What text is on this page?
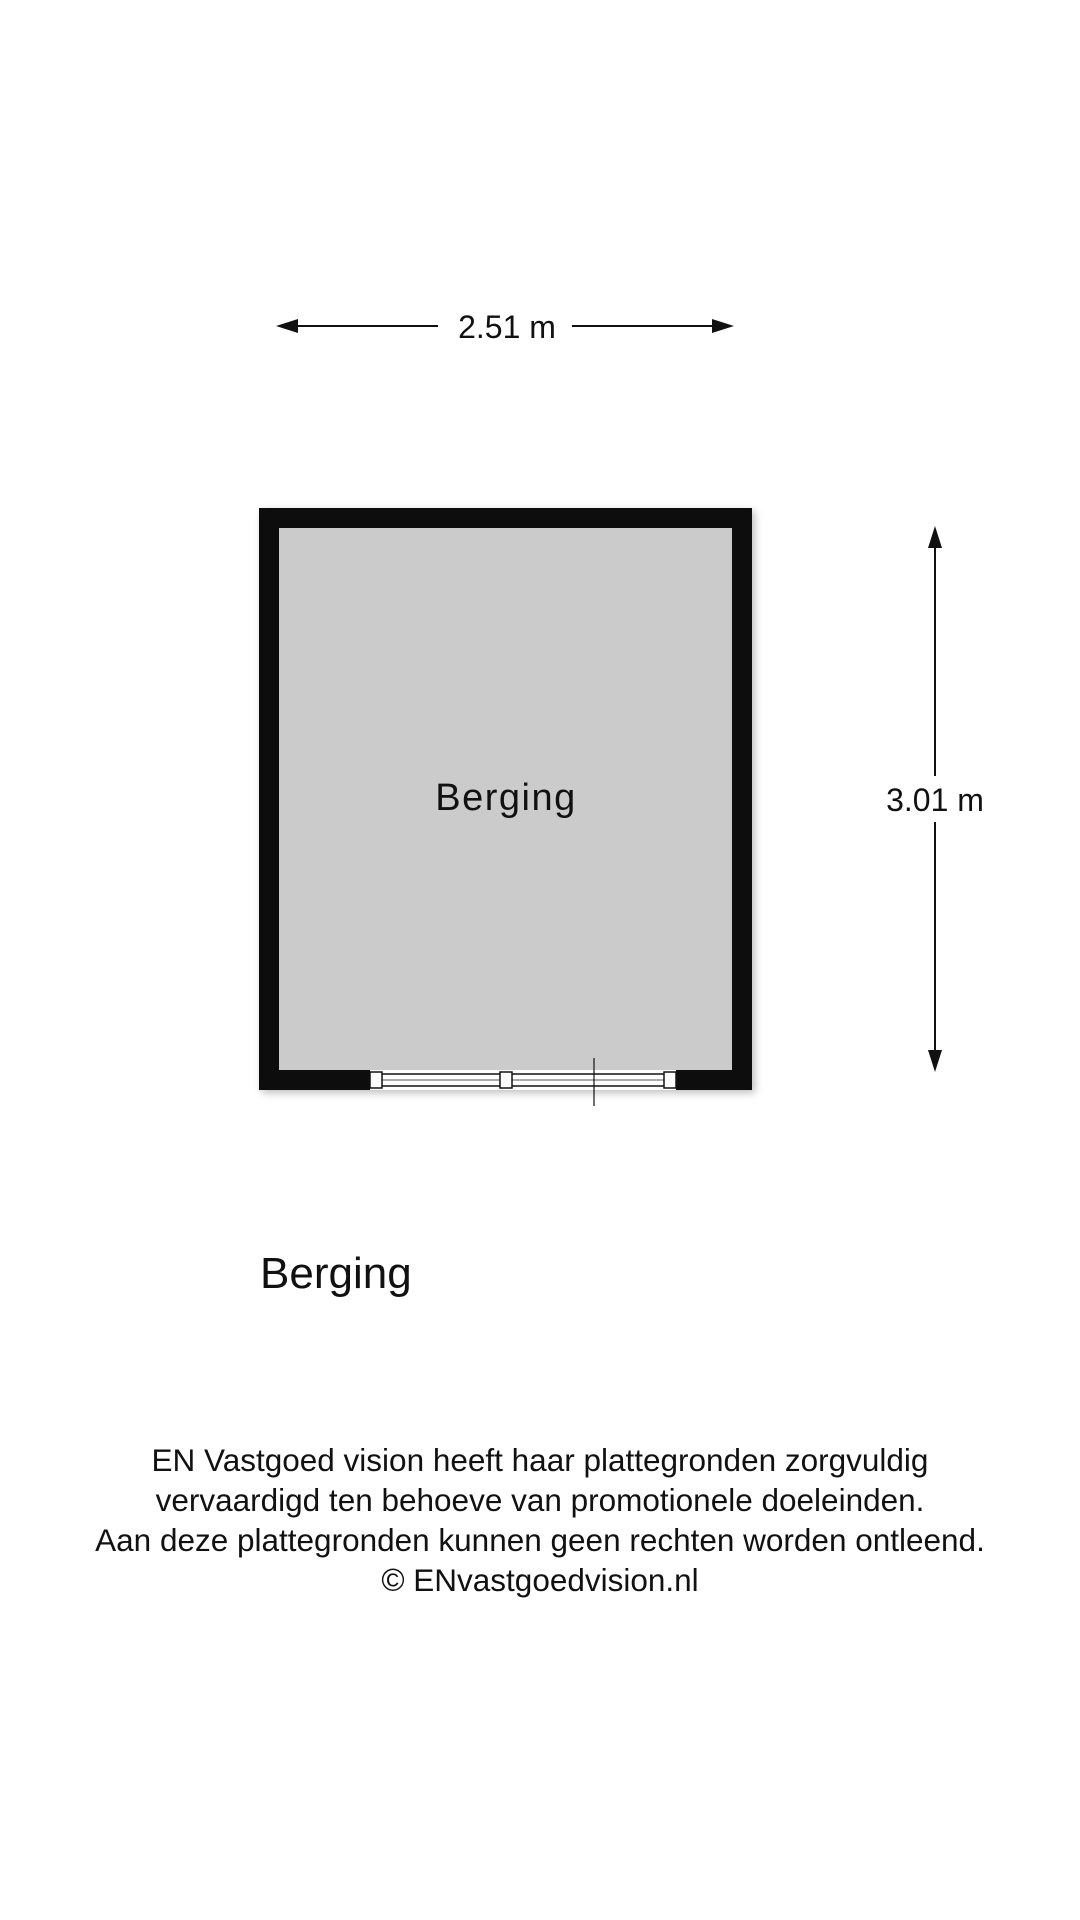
2.51 m
3.01 m
Berging
Berging
EN Vastgoed vision heeft haar plattegronden zorgvuldig
vervaardigd ten behoeve van promotionele doeleinden.
Aan deze plattegronden kunnen geen rechten worden ontleend.
© ENvastgoedvision.nl
